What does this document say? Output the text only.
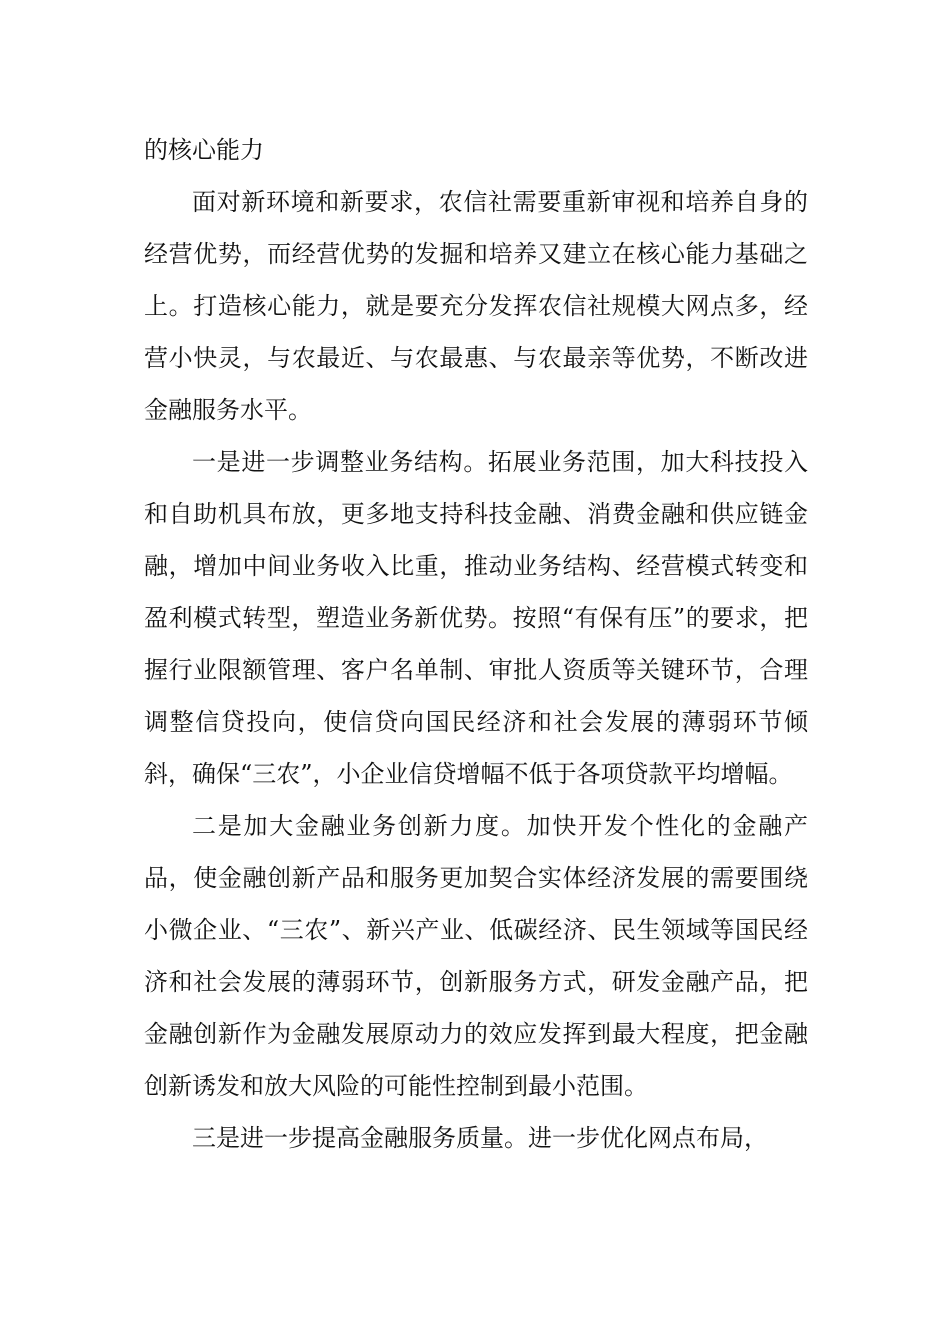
的核心能力

面对新环境和新要求，农信社需要重新审视和培养自身的经营优势，而经营优势的发掘和培养又建立在核心能力基础之上。打造核心能力，就是要充分发挥农信社规模大网点多，经营小快灵，与农最近、与农最惠、与农最亲等优势，不断改进金融服务水平。

一是进一步调整业务结构。拓展业务范围，加大科技投入和自助机具布放，更多地支持科技金融、消费金融和供应链金融，增加中间业务收入比重，推动业务结构、经营模式转变和盈利模式转型，塑造业务新优势。按照“有保有压”的要求，把握行业限额管理、客户名单制、审批人资质等关键环节，合理调整信贷投向，使信贷向国民经济和社会发展的薄弱环节倾斜，确保“三农”，小企业信贷增幅不低于各项贷款平均增幅。

二是加大金融业务创新力度。加快开发个性化的金融产品，使金融创新产品和服务更加契合实体经济发展的需要围绕小微企业、“三农”、新兴产业、低碳经济、民生领域等国民经济和社会发展的薄弱环节，创新服务方式，研发金融产品，把金融创新作为金融发展原动力的效应发挥到最大程度，把金融创新诱发和放大风险的可能性控制到最小范围。

三是进一步提高金融服务质量。进一步优化网点布局，
